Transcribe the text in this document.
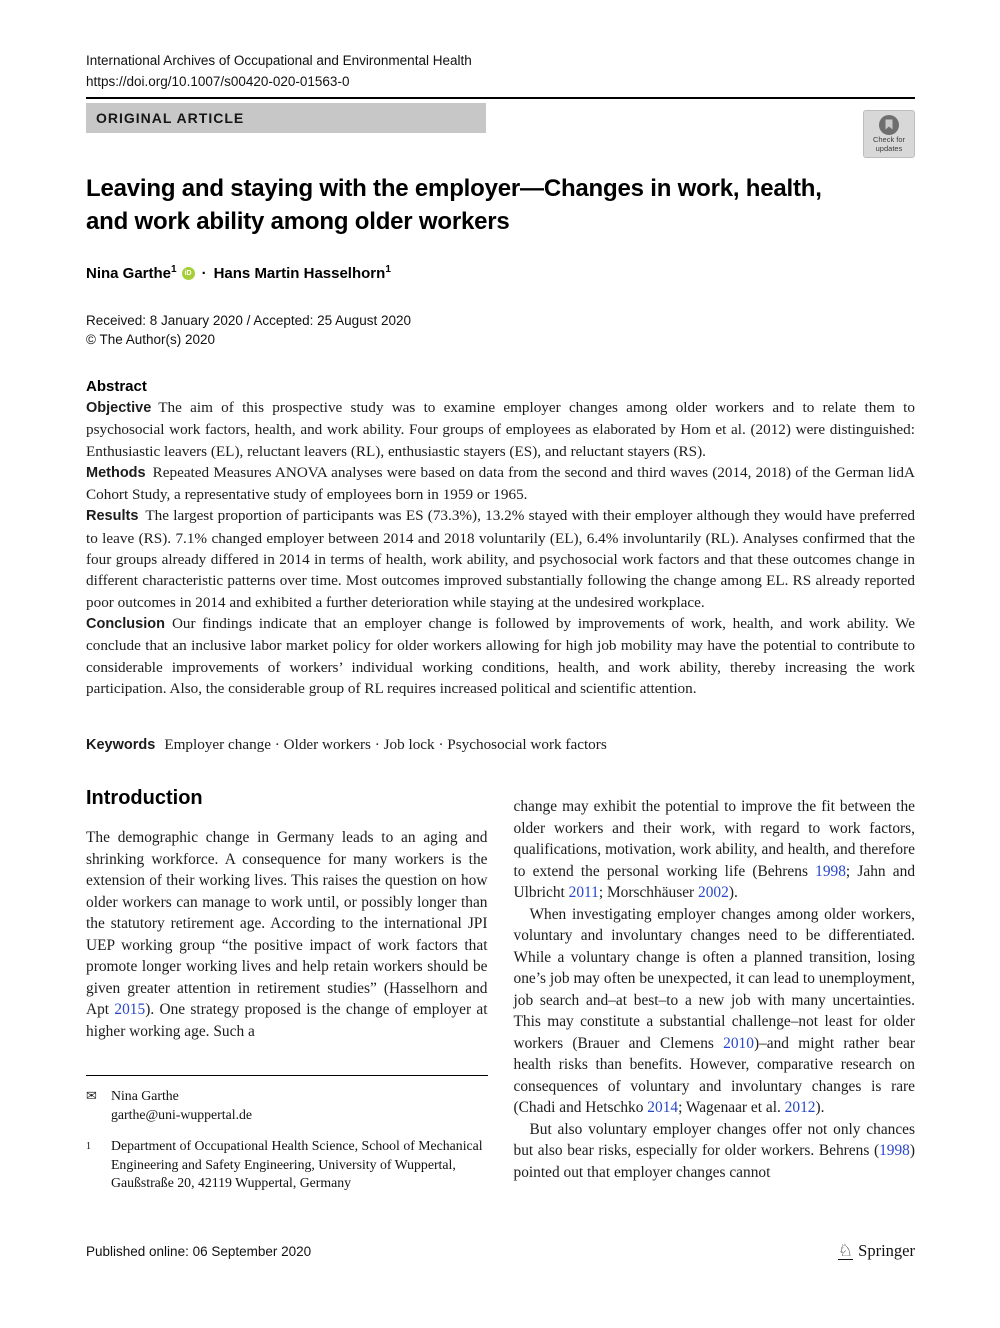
International Archives of Occupational and Environmental Health
https://doi.org/10.1007/s00420-020-01563-0
ORIGINAL ARTICLE
Check for
updates
Leaving and staying with the employer—Changes in work, health,
and work ability among older workers
Nina Garthe$^1$	iD · Hans Martin Hasselhorn$^1$
Received: 8 January 2020 / Accepted: 25 August 2020
© The Author(s) 2020
Abstract

Objective The aim of this prospective study was to examine employer changes among older workers and to relate them to psychosocial work factors, health, and work ability. Four groups of employees as elaborated by Hom et al. (2012) were distinguished: Enthusiastic leavers (EL), reluctant leavers (RL), enthusiastic stayers (ES), and reluctant stayers (RS).

Methods Repeated Measures ANOVA analyses were based on data from the second and third waves (2014, 2018) of the German lidA Cohort Study, a representative study of employees born in 1959 or 1965.

Results The largest proportion of participants was ES (73.3%), 13.2% stayed with their employer although they would have preferred to leave (RS). 7.1% changed employer between 2014 and 2018 voluntarily (EL), 6.4% involuntarily (RL). Analyses confirmed that the four groups already differed in 2014 in terms of health, work ability, and psychosocial work factors and that these outcomes change in different characteristic patterns over time. Most outcomes improved substantially following the change among EL. RS already reported poor outcomes in 2014 and exhibited a further deterioration while staying at the undesired workplace.

Conclusion Our findings indicate that an employer change is followed by improvements of work, health, and work ability. We conclude that an inclusive labor market policy for older workers allowing for high job mobility may have the potential to contribute to considerable improvements of workers’ individual working conditions, health, and work ability, thereby increasing the work participation. Also, the considerable group of RL requires increased political and scientific attention.

Keywords Employer change · Older workers · Job lock · Psychosocial work factors
Introduction

The demographic change in Germany leads to an aging and shrinking workforce. A consequence for many workers is the extension of their working lives. This raises the question on how older workers can manage to work until, or possibly longer than the statutory retirement age. According to the international JPI UEP working group “the positive impact of work factors that promote longer working lives and help retain workers should be given greater attention in retirement studies” (Hasselhorn and Apt 2015). One strategy proposed is the change of employer at higher working age. Such a

✉	Nina Garthe
garthe@uni-wuppertal.de
1	Department of Occupational Health Science, School of Mechanical Engineering and Safety Engineering, University of Wuppertal, Gaußstraße 20, 42119 Wuppertal, Germany

change may exhibit the potential to improve the fit between the older workers and their work, with regard to work factors, qualifications, motivation, work ability, and health, and therefore to extend the personal working life (Behrens 1998; Jahn and Ulbricht 2011; Morschhäuser 2002).

When investigating employer changes among older workers, voluntary and involuntary changes need to be differentiated. While a voluntary change is often a planned transition, losing one’s job may often be unexpected, it can lead to unemployment, job search and–at best–to a new job with many uncertainties. This may constitute a substantial challenge–not least for older workers (Brauer and Clemens 2010)–and might rather bear health risks than benefits. However, comparative research on consequences of voluntary and involuntary changes is rare (Chadi and Hetschko 2014; Wagenaar et al. 2012).

But also voluntary employer changes offer not only chances but also bear risks, especially for older workers. Behrens (1998) pointed out that employer changes cannot

Published online: 06 September 2020	♘ Springer
